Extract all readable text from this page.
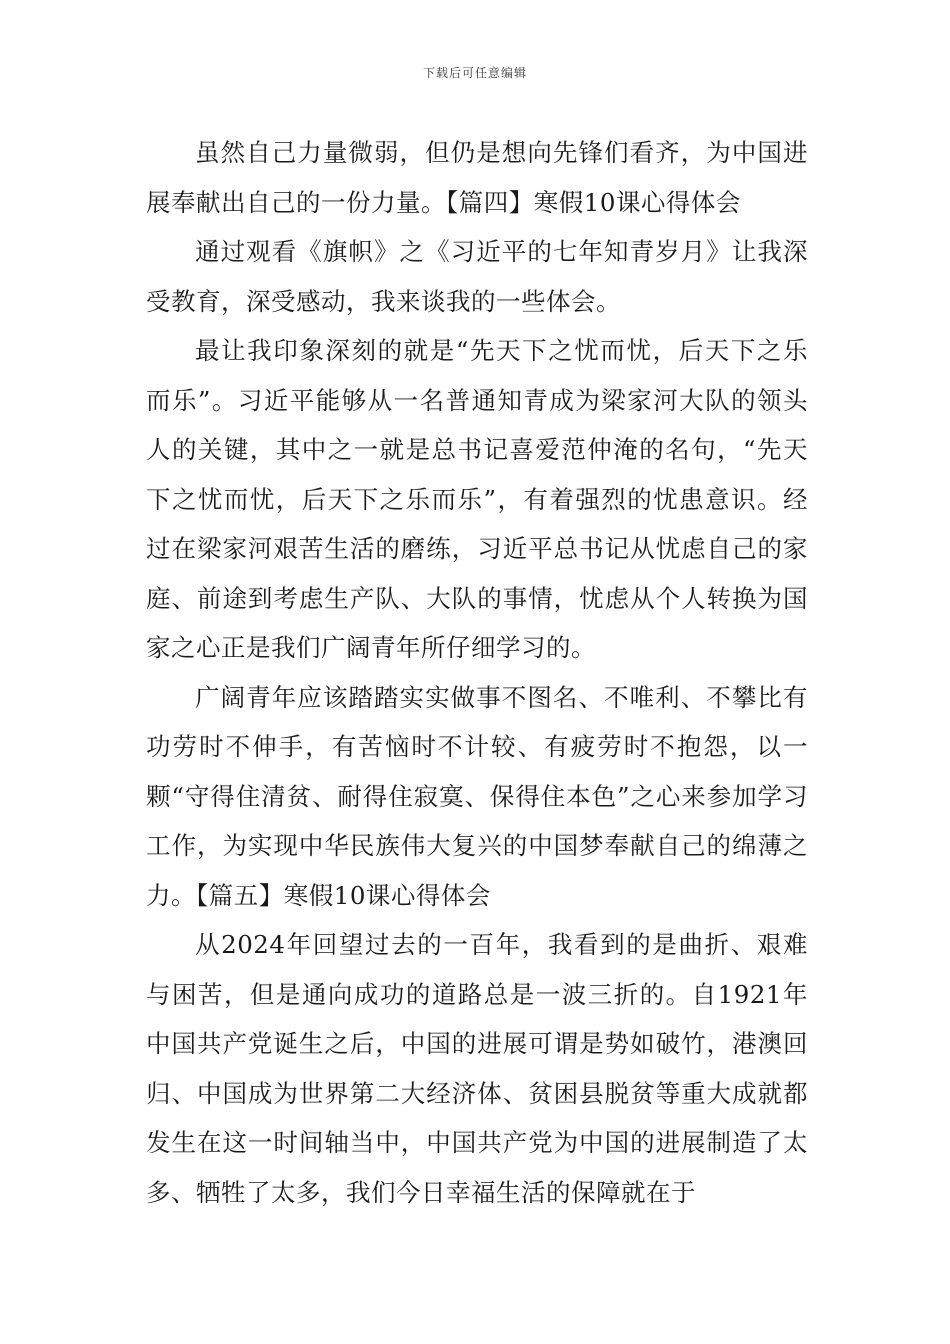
下载后可任意编辑

虽然自己力量微弱，但仍是想向先锋们看齐，为中国进展奉献出自己的一份力量。【篇四】寒假10课心得体会

通过观看《旗帜》之《习近平的七年知青岁月》让我深受教育，深受感动，我来谈我的一些体会。

最让我印象深刻的就是“先天下之忧而忧，后天下之乐而乐”。习近平能够从一名普通知青成为梁家河大队的领头人的关键，其中之一就是总书记喜爱范仲淹的名句，“先天下之忧而忧，后天下之乐而乐”，有着强烈的忧患意识。经过在梁家河艰苦生活的磨练，习近平总书记从忧虑自己的家庭、前途到考虑生产队、大队的事情，忧虑从个人转换为国家之心正是我们广阔青年所仔细学习的。

广阔青年应该踏踏实实做事不图名、不唯利、不攀比有功劳时不伸手，有苦恼时不计较、有疲劳时不抱怨，以一颗“守得住清贫、耐得住寂寞、保得住本色”之心来参加学习工作，为实现中华民族伟大复兴的中国梦奉献自己的绵薄之力。【篇五】寒假10课心得体会

从2024年回望过去的一百年，我看到的是曲折、艰难与困苦，但是通向成功的道路总是一波三折的。自1921年中国共产党诞生之后，中国的进展可谓是势如破竹，港澳回归、中国成为世界第二大经济体、贫困县脱贫等重大成就都发生在这一时间轴当中，中国共产党为中国的进展制造了太多、牺牲了太多，我们今日幸福生活的保障就在于
